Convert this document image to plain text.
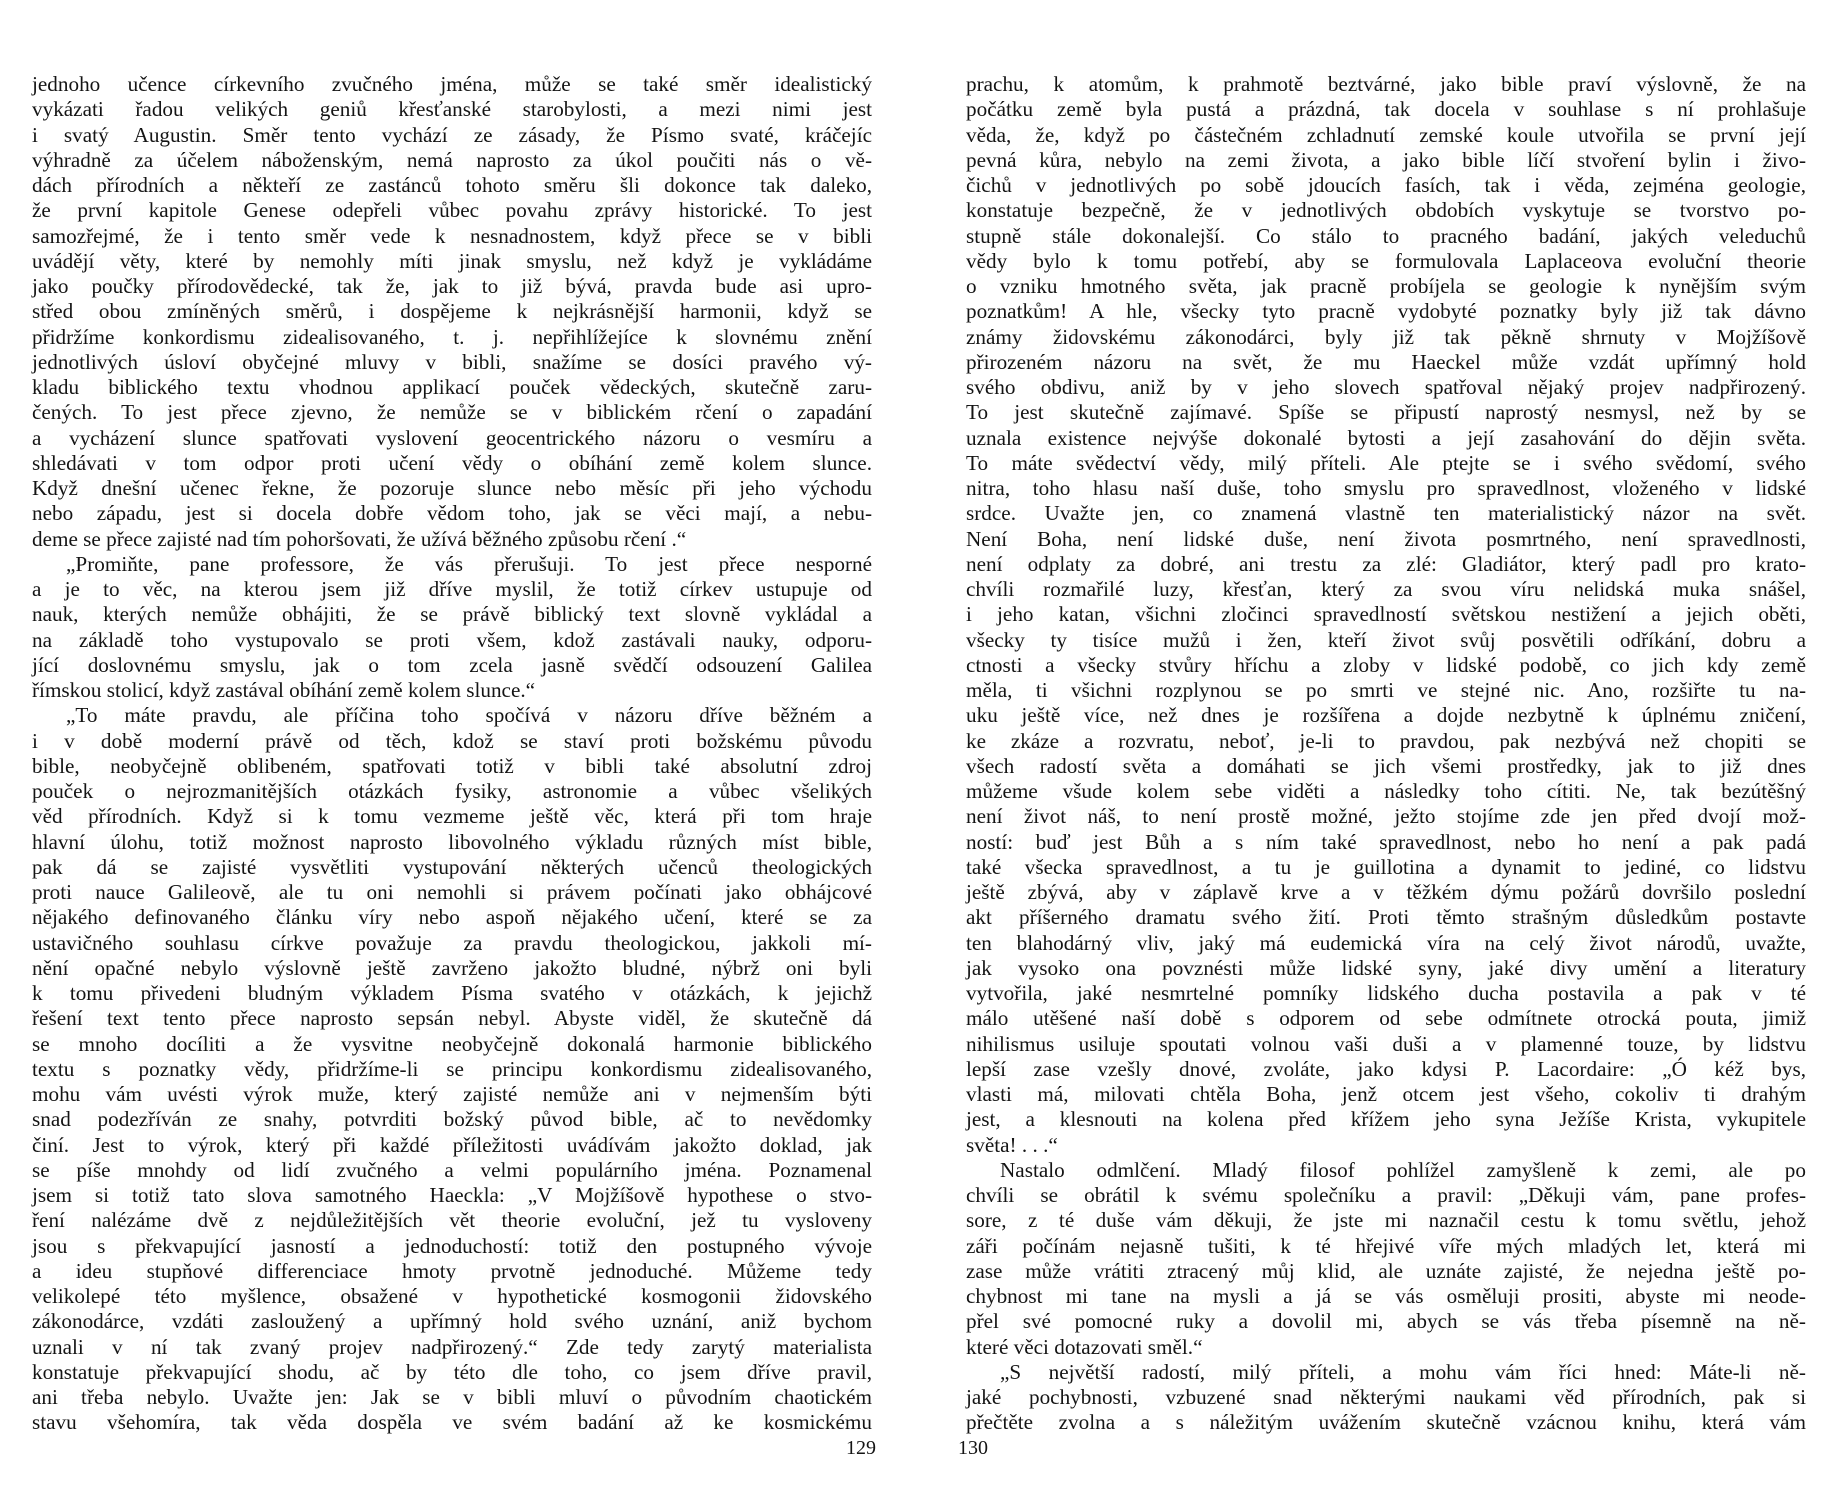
jednoho učence církevního zvučného jména, může se také směr idealistický
vykázati řadou velikých geniů křesťanské starobylosti, a mezi nimi jest
i svatý Augustin. Směr tento vychází ze zásady, že Písmo svaté, kráčejíc
výhradně za účelem náboženským, nemá naprosto za úkol poučiti nás o vě-
dách přírodních a někteří ze zastánců tohoto směru šli dokonce tak daleko,
že první kapitole Genese odepřeli vůbec povahu zprávy historické. To jest
samozřejmé, že i tento směr vede k nesnadnostem, když přece se v bibli
uvádějí věty, které by nemohly míti jinak smyslu, než když je vykládáme
jako poučky přírodovědecké, tak že, jak to již bývá, pravda bude asi upro-
střed obou zmíněných směrů, i dospějeme k nejkrásnější harmonii, když se
přidržíme konkordismu zidealisovaného, t. j. nepřihlížejíce k slovnému znění
jednotlivých úsloví obyčejné mluvy v bibli, snažíme se dosíci pravého vý-
kladu biblického textu vhodnou applikací pouček vědeckých, skutečně zaru-
čených. To jest přece zjevno, že nemůže se v biblickém rčení o zapadání
a vycházení slunce spatřovati vyslovení geocentrického názoru o vesmíru a
shledávati v tom odpor proti učení vědy o obíhání země kolem slunce.
Když dnešní učenec řekne, že pozoruje slunce nebo měsíc při jeho východu
nebo západu, jest si docela dobře vědom toho, jak se věci mají, a nebu-
deme se přece zajisté nad tím pohoršovati, že užívá běžného způsobu rčení .“
„Promiňte, pane professore, že vás přerušuji. To jest přece nesporné
a je to věc, na kterou jsem již dříve myslil, že totiž církev ustupuje od
nauk, kterých nemůže obhájiti, že se právě biblický text slovně vykládal a
na základě toho vystupovalo se proti všem, kdož zastávali nauky, odporu-
jící doslovnému smyslu, jak o tom zcela jasně svědčí odsouzení Galilea
římskou stolicí, když zastával obíhání země kolem slunce.“
„To máte pravdu, ale příčina toho spočívá v názoru dříve běžném a
i v době moderní právě od těch, kdož se staví proti božskému původu
bible, neobyčejně oblibeném, spatřovati totiž v bibli také absolutní zdroj
pouček o nejrozmanitějších otázkách fysiky, astronomie a vůbec všelikých
věd přírodních. Když si k tomu vezmeme ještě věc, která při tom hraje
hlavní úlohu, totiž možnost naprosto libovolného výkladu různých míst bible,
pak dá se zajisté vysvětliti vystupování některých učenců theologických
proti nauce Galileově, ale tu oni nemohli si právem počínati jako obhájcové
nějakého definovaného článku víry nebo aspoň nějakého učení, které se za
ustavičného souhlasu církve považuje za pravdu theologickou, jakkoli mí-
nění opačné nebylo výslovně ještě zavrženo jakožto bludné, nýbrž oni byli
k tomu přivedeni bludným výkladem Písma svatého v otázkách, k jejichž
řešení text tento přece naprosto sepsán nebyl. Abyste viděl, že skutečně dá
se mnoho docíliti a že vysvitne neobyčejně dokonalá harmonie biblického
textu s poznatky vědy, přidržíme-li se principu konkordismu zidealisovaného,
mohu vám uvésti výrok muže, který zajisté nemůže ani v nejmenším býti
snad podezříván ze snahy, potvrditi božský původ bible, ač to nevědomky
činí. Jest to výrok, který při každé příležitosti uvádívám jakožto doklad, jak
se píše mnohdy od lidí zvučného a velmi populárního jména. Poznamenal
jsem si totiž tato slova samotného Haeckla: „V Mojžíšově hypothese o stvo-
ření nalézáme dvě z nejdůležitějších vět theorie evoluční, jež tu vysloveny
jsou s překvapující jasností a jednoduchostí: totiž den postupného vývoje
a ideu stupňové differenciace hmoty prvotně jednoduché. Můžeme tedy
velikolepé této myšlence, obsažené v hypothetické kosmogonii židovského
zákonodárce, vzdáti zasloužený a upřímný hold svého uznání, aniž bychom
uznali v ní tak zvaný projev nadpřirozený.“ Zde tedy zarytý materialista
konstatuje překvapující shodu, ač by této dle toho, co jsem dříve pravil,
ani třeba nebylo. Uvažte jen: Jak se v bibli mluví o původním chaotickém
stavu všehomíra, tak věda dospěla ve svém badání až ke kosmickému
prachu, k atomům, k prahmotě beztvárné, jako bible praví výslovně, že na
počátku země byla pustá a prázdná, tak docela v souhlase s ní prohlašuje
věda, že, když po částečném zchladnutí zemské koule utvořila se první její
pevná kůra, nebylo na zemi života, a jako bible líčí stvoření bylin i živo-
čichů v jednotlivých po sobě jdoucích fasích, tak i věda, zejména geologie,
konstatuje bezpečně, že v jednotlivých obdobích vyskytuje se tvorstvo po-
stupně stále dokonalejší. Co stálo to pracného badání, jakých veleduchů
vědy bylo k tomu potřebí, aby se formulovala Laplaceova evoluční theorie
o vzniku hmotného světa, jak pracně probíjela se geologie k nynějším svým
poznatkům! A hle, všecky tyto pracně vydobyté poznatky byly již tak dávno
známy židovskému zákonodárci, byly již tak pěkně shrnuty v Mojžíšově
přirozeném názoru na svět, že mu Haeckel může vzdát upřímný hold
svého obdivu, aniž by v jeho slovech spatřoval nějaký projev nadpřirozený.
To jest skutečně zajímavé. Spíše se připustí naprostý nesmysl, než by se
uznala existence nejvýše dokonalé bytosti a její zasahování do dějin světa.
To máte svědectví vědy, milý příteli. Ale ptejte se i svého svědomí, svého
nitra, toho hlasu naší duše, toho smyslu pro spravedlnost, vloženého v lidské
srdce. Uvažte jen, co znamená vlastně ten materialistický názor na svět.
Není Boha, není lidské duše, není života posmrtného, není spravedlnosti,
není odplaty za dobré, ani trestu za zlé: Gladiátor, který padl pro krato-
chvíli rozmařilé luzy, křesťan, který za svou víru nelidská muka snášel,
i jeho katan, všichni zločinci spravedlností světskou nestižení a jejich oběti,
všecky ty tisíce mužů i žen, kteří život svůj posvětili odříkání, dobru a
ctnosti a všecky stvůry hříchu a zloby v lidské podobě, co jich kdy země
měla, ti všichni rozplynou se po smrti ve stejné nic. Ano, rozšiřte tu na-
uku ještě více, než dnes je rozšířena a dojde nezbytně k úplnému zničení,
ke zkáze a rozvratu, neboť, je-li to pravdou, pak nezbývá než chopiti se
všech radostí světa a domáhati se jich všemi prostředky, jak to již dnes
můžeme všude kolem sebe viděti a následky toho cítiti. Ne, tak bezútěšný
není život náš, to není prostě možné, ježto stojíme zde jen před dvojí mož-
ností: buď jest Bůh a s ním také spravedlnost, nebo ho není a pak padá
také všecka spravedlnost, a tu je guillotina a dynamit to jediné, co lidstvu
ještě zbývá, aby v záplavě krve a v těžkém dýmu požárů dovršilo poslední
akt příšerného dramatu svého žití. Proti těmto strašným důsledkům postavte
ten blahodárný vliv, jaký má eudemická víra na celý život národů, uvažte,
jak vysoko ona povznésti může lidské syny, jaké divy umění a literatury
vytvořila, jaké nesmrtelné pomníky lidského ducha postavila a pak v té
málo utěšené naší době s odporem od sebe odmítnete otrocká pouta, jimiž
nihilismus usiluje spoutati volnou vaši duši a v plamenné touze, by lidstvu
lepší zase vzešly dnové, zvoláte, jako kdysi P. Lacordaire: „Ó kéž bys,
vlasti má, milovati chtěla Boha, jenž otcem jest všeho, cokoliv ti drahým
jest, a klesnouti na kolena před křížem jeho syna Ježíše Krista, vykupitele
světa! . . .“
Nastalo odmlčení. Mladý filosof pohlížel zamyšleně k zemi, ale po
chvíli se obrátil k svému společníku a pravil: „Děkuji vám, pane profes-
sore, z té duše vám děkuji, že jste mi naznačil cestu k tomu světlu, jehož
záři počínám nejasně tušiti, k té hřejivé víře mých mladých let, která mi
zase může vrátiti ztracený můj klid, ale uznáte zajisté, že nejedna ještě po-
chybnost mi tane na mysli a já se vás osměluji prositi, abyste mi neode-
přel své pomocné ruky a dovolil mi, abych se vás třeba písemně na ně-
které věci dotazovati směl.“
„S největší radostí, milý příteli, a mohu vám říci hned: Máte-li ně-
jaké pochybnosti, vzbuzené snad některými naukami věd přírodních, pak si
přečtěte zvolna a s náležitým uvážením skutečně vzácnou knihu, která vám
129	130
